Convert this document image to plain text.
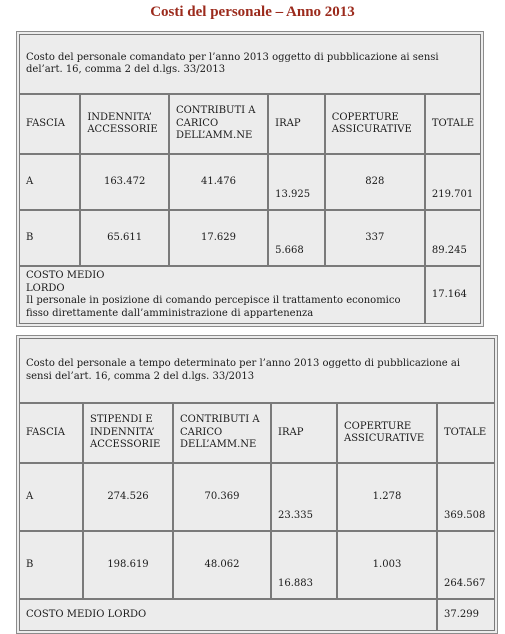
Costi del personale – Anno 2013
Costo del personale comandato per l’anno 2013 oggetto di pubblicazione ai sensi del’art. 16, comma 2 del d.lgs. 33/2013					
FASCIA	INDENNITA’ ACCESSORIE	CONTRIBUTI A CARICO DELL’AMM.NE	IRAP	COPERTURE ASSICURATIVE	TOTALE
A	163.472	41.476	13.925	828	219.701
B	65.611	17.629	5.668	337	89.245

COSTO MEDIO
LORDO
Il personale in posizione di comando percepisce il trattamento economico fisso direttamente dall’amministrazione di appartenenza					17.164
Costo del personale a tempo determinato per l’anno 2013 oggetto di pubblicazione ai sensi del’art. 16, comma 2 del d.lgs. 33/2013					
FASCIA	STIPENDI E INDENNITA’ ACCESSORIE	CONTRIBUTI A CARICO DELL’AMM.NE	IRAP	COPERTURE ASSICURATIVE	TOTALE
A	274.526	70.369	23.335	1.278	369.508
B	198.619	48.062	16.883	1.003	264.567
COSTO MEDIO LORDO					37.299
